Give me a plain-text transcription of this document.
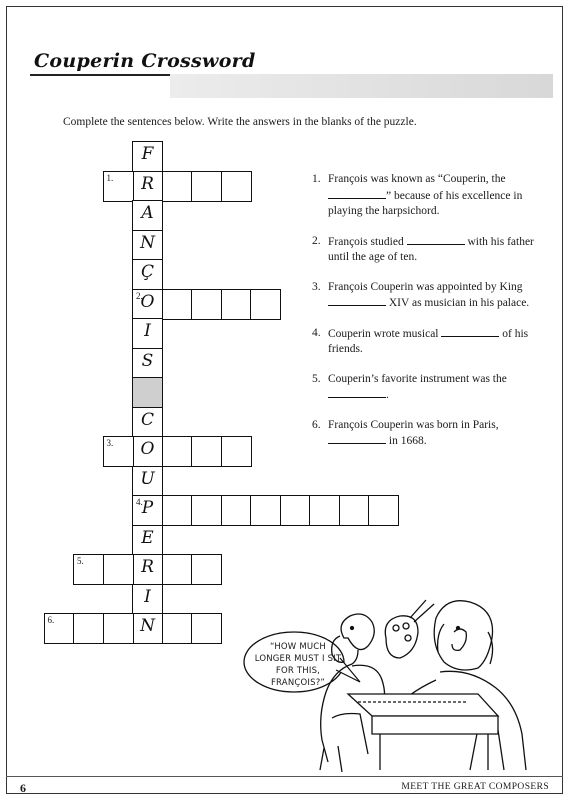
Couperin Crossword
Complete the sentences below. Write the answers in the blanks of the puzzle.
F
R
1.
A
N
Ç
O
2.
I
S
C
O
3.
U
P
4.
E
R
5.
I
N
6.
1. François was known as “Couperin, the ” because of his excellence in playing the harpsichord.
2. François studied	with his father until the age of ten.
3. François Couperin was appointed by King  XIV as musician in his palace.
4. Couperin wrote musical	of his friends.
5. Couperin’s favorite instrument was the .
6. François Couperin was born in Paris,  in 1668.
“HOW MUCH LONGER MUST I SIT FOR THIS, FRANÇOIS?”
6	MEET THE GREAT COMPOSERS
